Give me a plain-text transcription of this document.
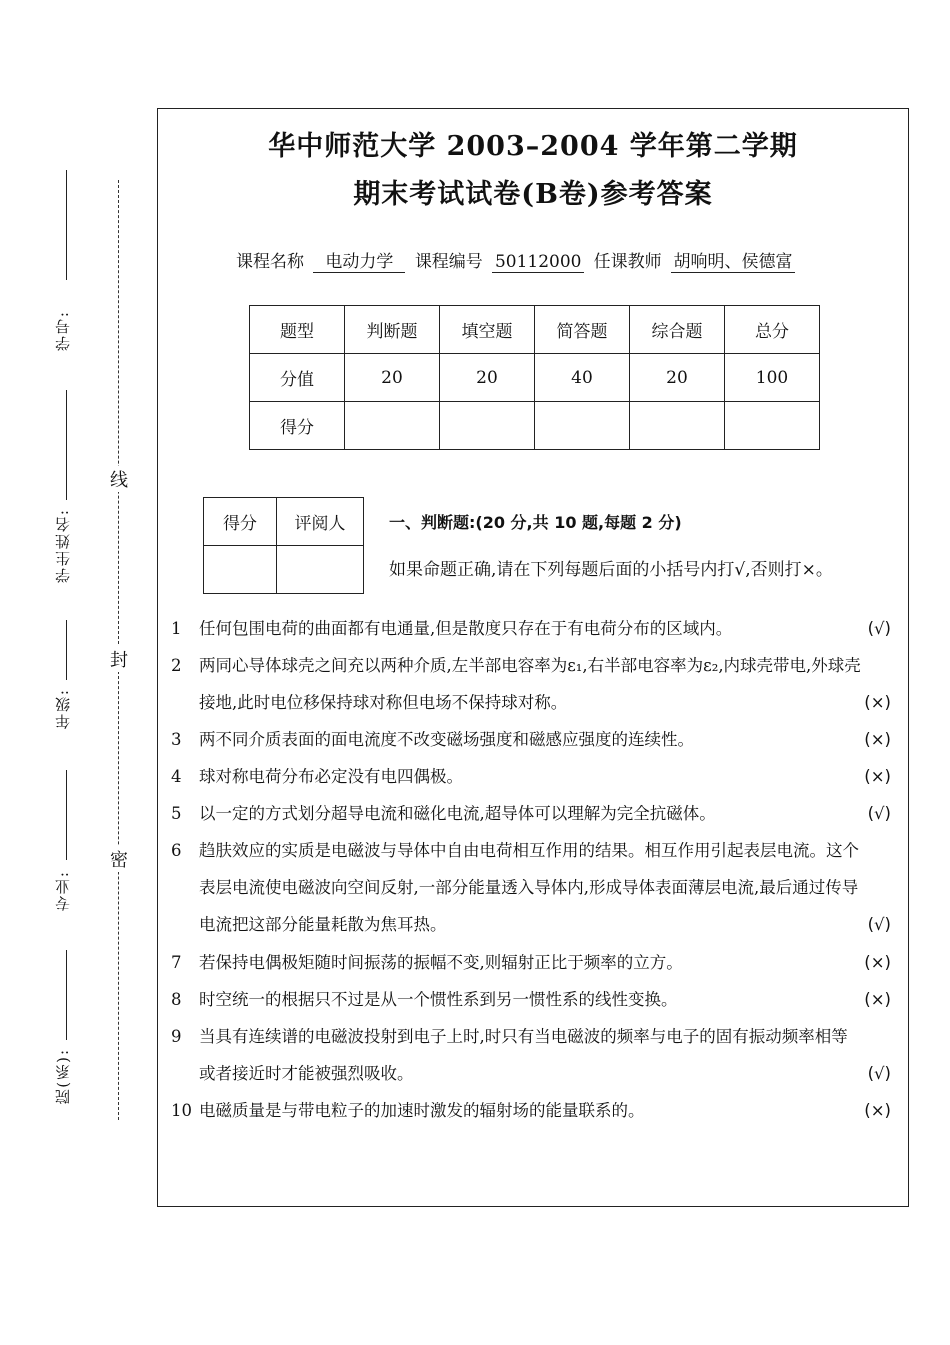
学号:
学生姓名:
年级:
专业:
院(系):
线
封
密
华中师范大学 2003–2004 学年第二学期
期末考试试卷(B卷)参考答案
课程名称 电动力学 课程编号 50112000 任课教师 胡响明、侯德富
题型	判断题	填空题	简答题	综合题	总分
分值	20	20	40	20	100
得分					
得分	评阅人
		一、判断题:(20 分,共 10 题,每题 2 分)
如果命题正确,请在下列每题后面的小括号内打√,否则打×。
1 任何包围电荷的曲面都有电通量,但是散度只存在于有电荷分布的区域内。	(√)
2 两同心导体球壳之间充以两种介质,左半部电容率为ε₁,右半部电容率为ε₂,内球壳带电,外球壳接地,此时电位移保持球对称但电场不保持球对称。	(×)
3 两不同介质表面的面电流度不改变磁场强度和磁感应强度的连续性。	(×)
4 球对称电荷分布必定没有电四偶极。	(×)
5 以一定的方式划分超导电流和磁化电流,超导体可以理解为完全抗磁体。	(√)
6 趋肤效应的实质是电磁波与导体中自由电荷相互作用的结果。相互作用引起表层电流。这个表层电流使电磁波向空间反射,一部分能量透入导体内,形成导体表面薄层电流,最后通过传导电流把这部分能量耗散为焦耳热。	(√)
7 若保持电偶极矩随时间振荡的振幅不变,则辐射正比于频率的立方。	(×)
8 时空统一的根据只不过是从一个惯性系到另一惯性系的线性变换。	(×)
9 当具有连续谱的电磁波投射到电子上时,时只有当电磁波的频率与电子的固有振动频率相等或者接近时才能被强烈吸收。	(√)
10 电磁质量是与带电粒子的加速时激发的辐射场的能量联系的。	(×)
